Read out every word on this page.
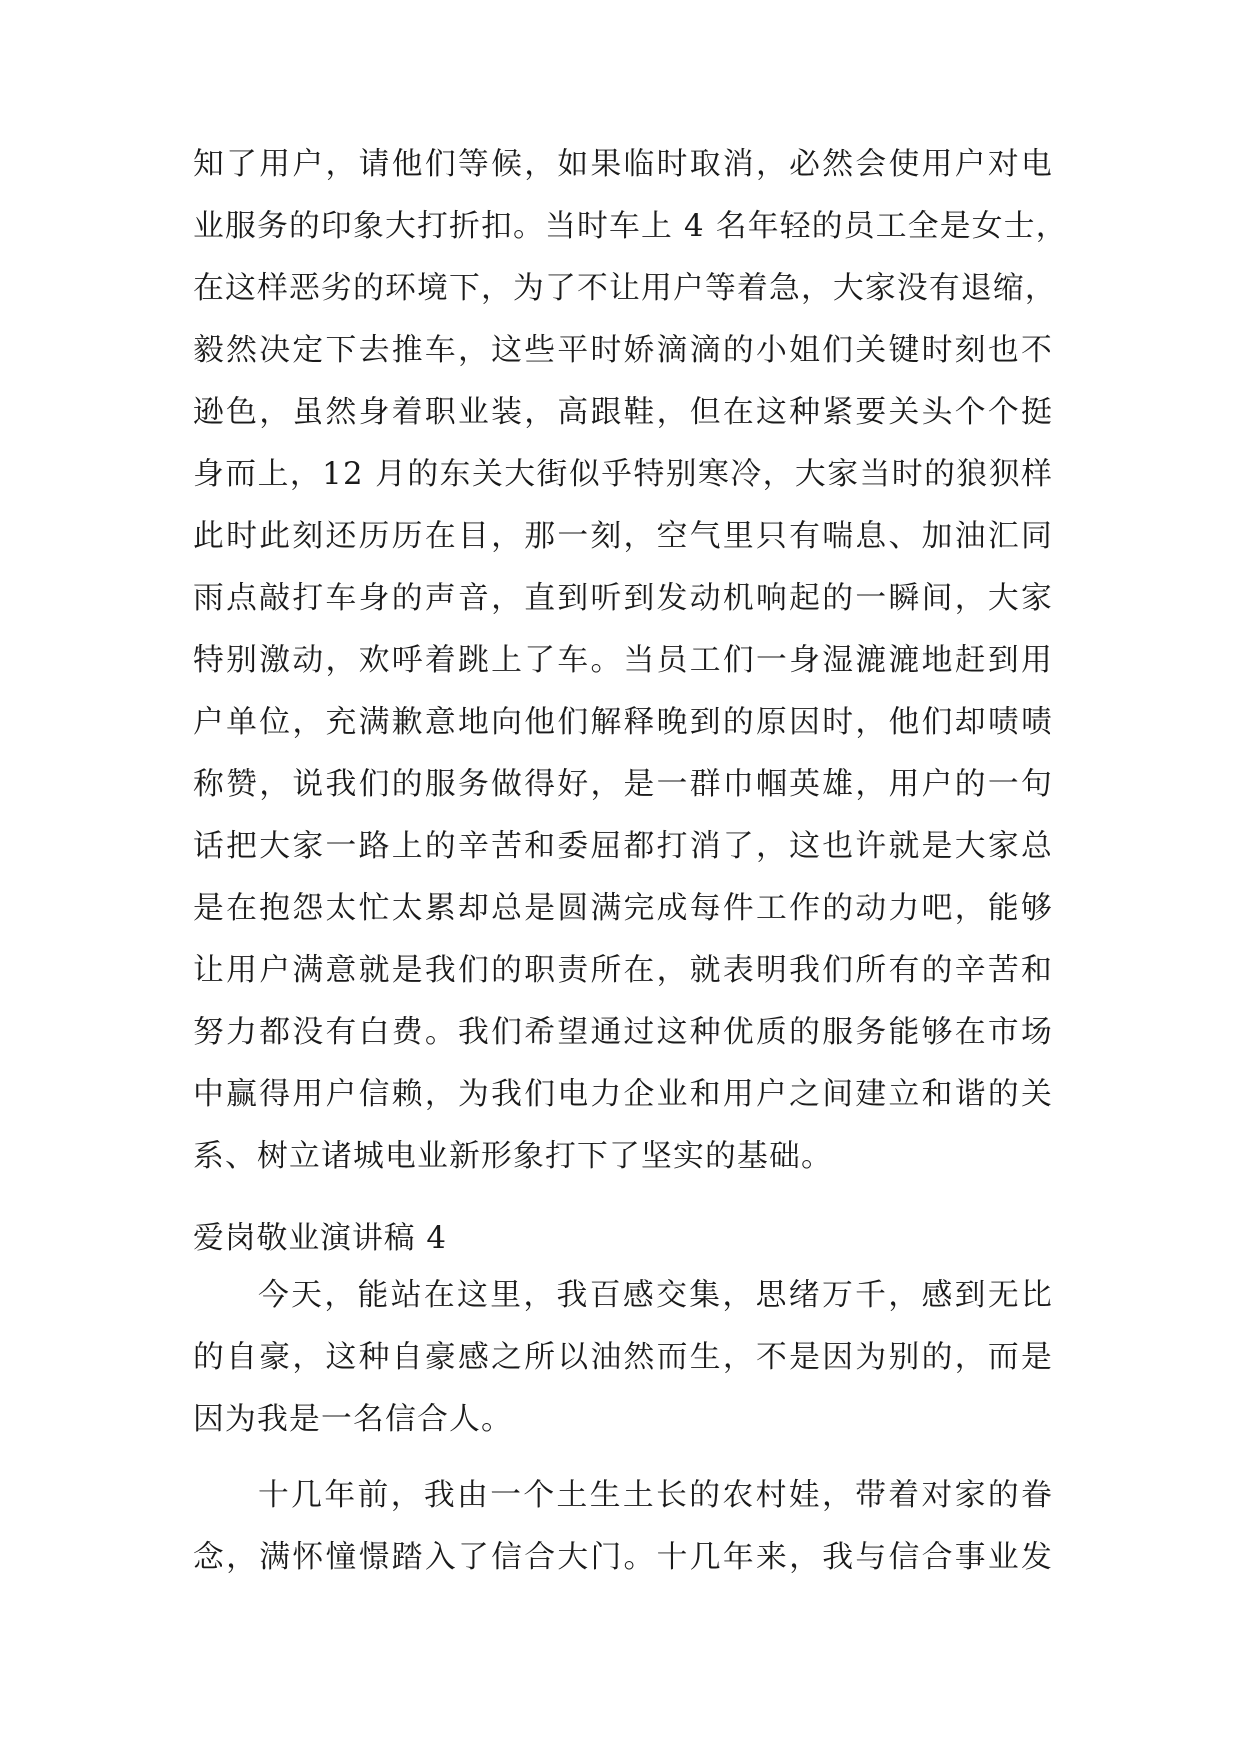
知了用户，请他们等候，如果临时取消，必然会使用户对电
业服务的印象大打折扣。当时车上 4 名年轻的员工全是女士，
在这样恶劣的环境下，为了不让用户等着急，大家没有退缩，
毅然决定下去推车，这些平时娇滴滴的小姐们关键时刻也不
逊色，虽然身着职业装，高跟鞋，但在这种紧要关头个个挺
身而上，12 月的东关大街似乎特别寒冷，大家当时的狼狈样
此时此刻还历历在目，那一刻，空气里只有喘息、加油汇同
雨点敲打车身的声音，直到听到发动机响起的一瞬间，大家
特别激动，欢呼着跳上了车。当员工们一身湿漉漉地赶到用
户单位，充满歉意地向他们解释晚到的原因时，他们却啧啧
称赞，说我们的服务做得好，是一群巾帼英雄，用户的一句
话把大家一路上的辛苦和委屈都打消了，这也许就是大家总
是在抱怨太忙太累却总是圆满完成每件工作的动力吧，能够
让用户满意就是我们的职责所在，就表明我们所有的辛苦和
努力都没有白费。我们希望通过这种优质的服务能够在市场
中赢得用户信赖，为我们电力企业和用户之间建立和谐的关
系、树立诸城电业新形象打下了坚实的基础。
爱岗敬业演讲稿 4
今天，能站在这里，我百感交集，思绪万千，感到无比
的自豪，这种自豪感之所以油然而生，不是因为别的，而是
因为我是一名信合人。
十几年前，我由一个土生土长的农村娃，带着对家的眷
念，满怀憧憬踏入了信合大门。十几年来，我与信合事业发
